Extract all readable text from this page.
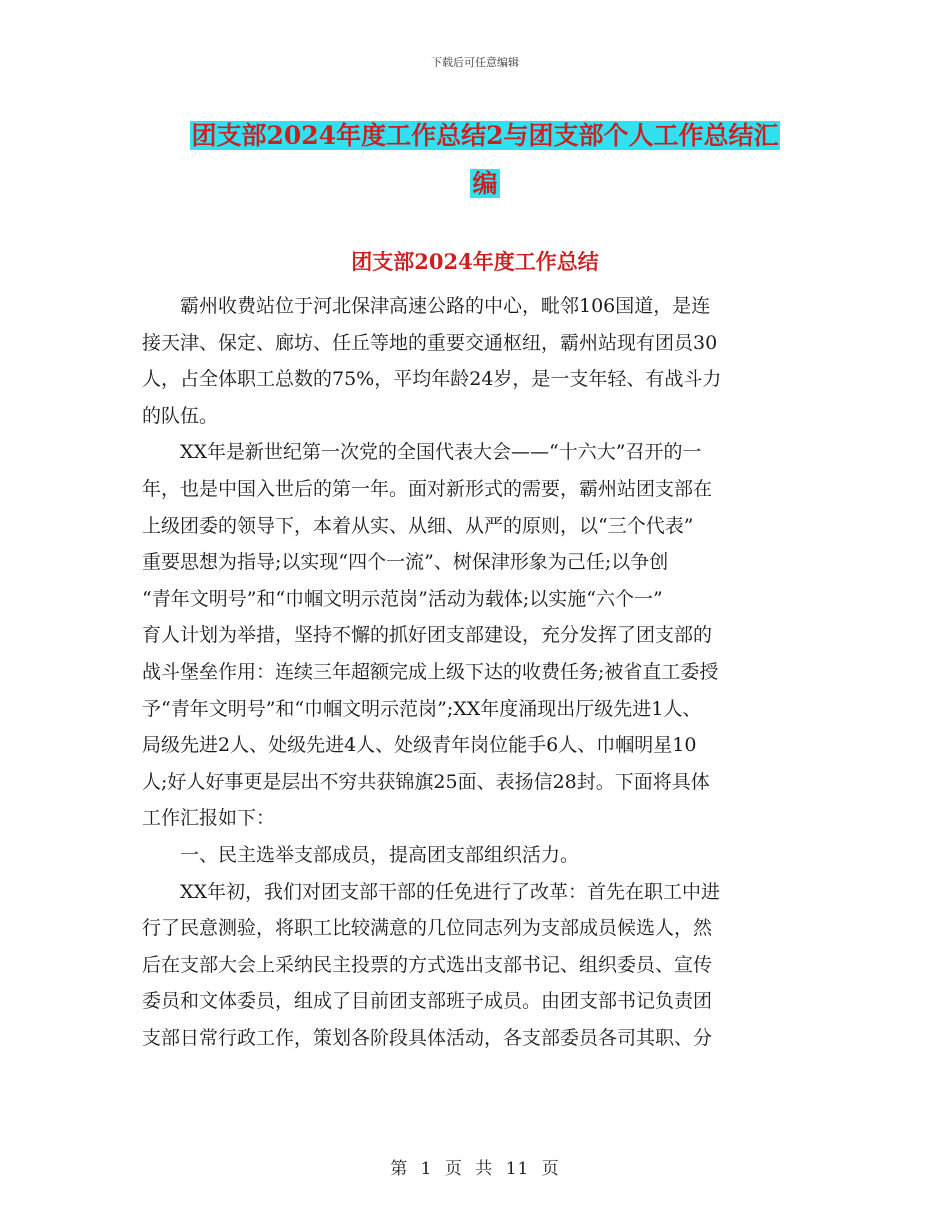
下载后可任意编辑
团支部2024年度工作总结2与团支部个人工作总结汇
编
团支部2024年度工作总结
　　霸州收费站位于河北保津高速公路的中心，毗邻106国道，是连
接天津、保定、廊坊、任丘等地的重要交通枢纽，霸州站现有团员30
人，占全体职工总数的75%，平均年龄24岁，是一支年轻、有战斗力
的队伍。
　　XX年是新世纪第一次党的全国代表大会——“十六大”召开的一
年，也是中国入世后的第一年。面对新形式的需要，霸州站团支部在
上级团委的领导下，本着从实、从细、从严的原则，以“三个代表”
重要思想为指导;以实现“四个一流”、树保津形象为己任;以争创
“青年文明号”和“巾帼文明示范岗”活动为载体;以实施“六个一”
育人计划为举措，坚持不懈的抓好团支部建设，充分发挥了团支部的
战斗堡垒作用：连续三年超额完成上级下达的收费任务;被省直工委授
予“青年文明号”和“巾帼文明示范岗”;XX年度涌现出厅级先进1人、
局级先进2人、处级先进4人、处级青年岗位能手6人、巾帼明星10
人;好人好事更是层出不穷共获锦旗25面、表扬信28封。下面将具体
工作汇报如下：
　　一、民主选举支部成员，提高团支部组织活力。
　　XX年初，我们对团支部干部的任免进行了改革：首先在职工中进
行了民意测验，将职工比较满意的几位同志列为支部成员候选人，然
后在支部大会上采纳民主投票的方式选出支部书记、组织委员、宣传
委员和文体委员，组成了目前团支部班子成员。由团支部书记负责团
支部日常行政工作，策划各阶段具体活动，各支部委员各司其职、分
第 1 页 共 11 页
